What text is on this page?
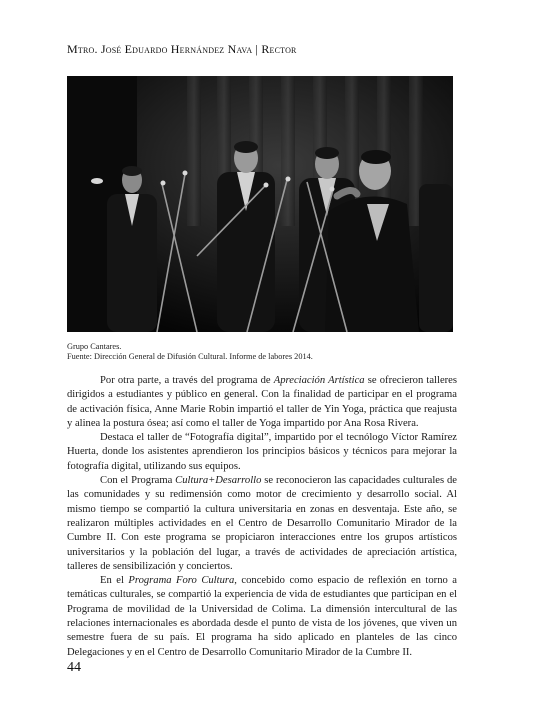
Mtro. José Eduardo Hernández Nava | Rector
Grupo Cantares.
Fuente: Dirección General de Difusión Cultural. Informe de labores 2014.

Por otra parte, a través del programa de Apreciación Artística se ofrecieron talleres dirigidos a estudiantes y público en general. Con la finalidad de participar en el programa de activación física, Anne Marie Robin impartió el taller de Yin Yoga, práctica que reajusta y alinea la postura ósea; así como el taller de Yoga impartido por Ana Rosa Rivera.

Destaca el taller de “Fotografía digital”, impartido por el tecnólogo Víctor Ramírez Huerta, donde los asistentes aprendieron los principios básicos y técnicos para mejorar la fotografía digital, utilizando sus equipos.

Con el Programa Cultura+Desarrollo se reconocieron las capacidades culturales de las comunidades y su redimensión como motor de crecimiento y desarrollo social. Al mismo tiempo se compartió la cultura universitaria en zonas en desventaja. Este año, se realizaron múltiples actividades en el Centro de Desarrollo Comunitario Mirador de la Cumbre II. Con este programa se propiciaron interacciones entre los grupos artísticos universitarios y la población del lugar, a través de actividades de apreciación artística, talleres de sensibilización y conciertos.

En el Programa Foro Cultura, concebido como espacio de reflexión en torno a temáticas culturales, se compartió la experiencia de vida de estudiantes que participan en el Programa de movilidad de la Universidad de Colima. La dimensión intercultural de las relaciones internacionales es abordada desde el punto de vista de los jóvenes, que viven un semestre fuera de su país. El programa ha sido aplicado en planteles de las cinco Delegaciones y en el Centro de Desarrollo Comunitario Mirador de la Cumbre II.

44
